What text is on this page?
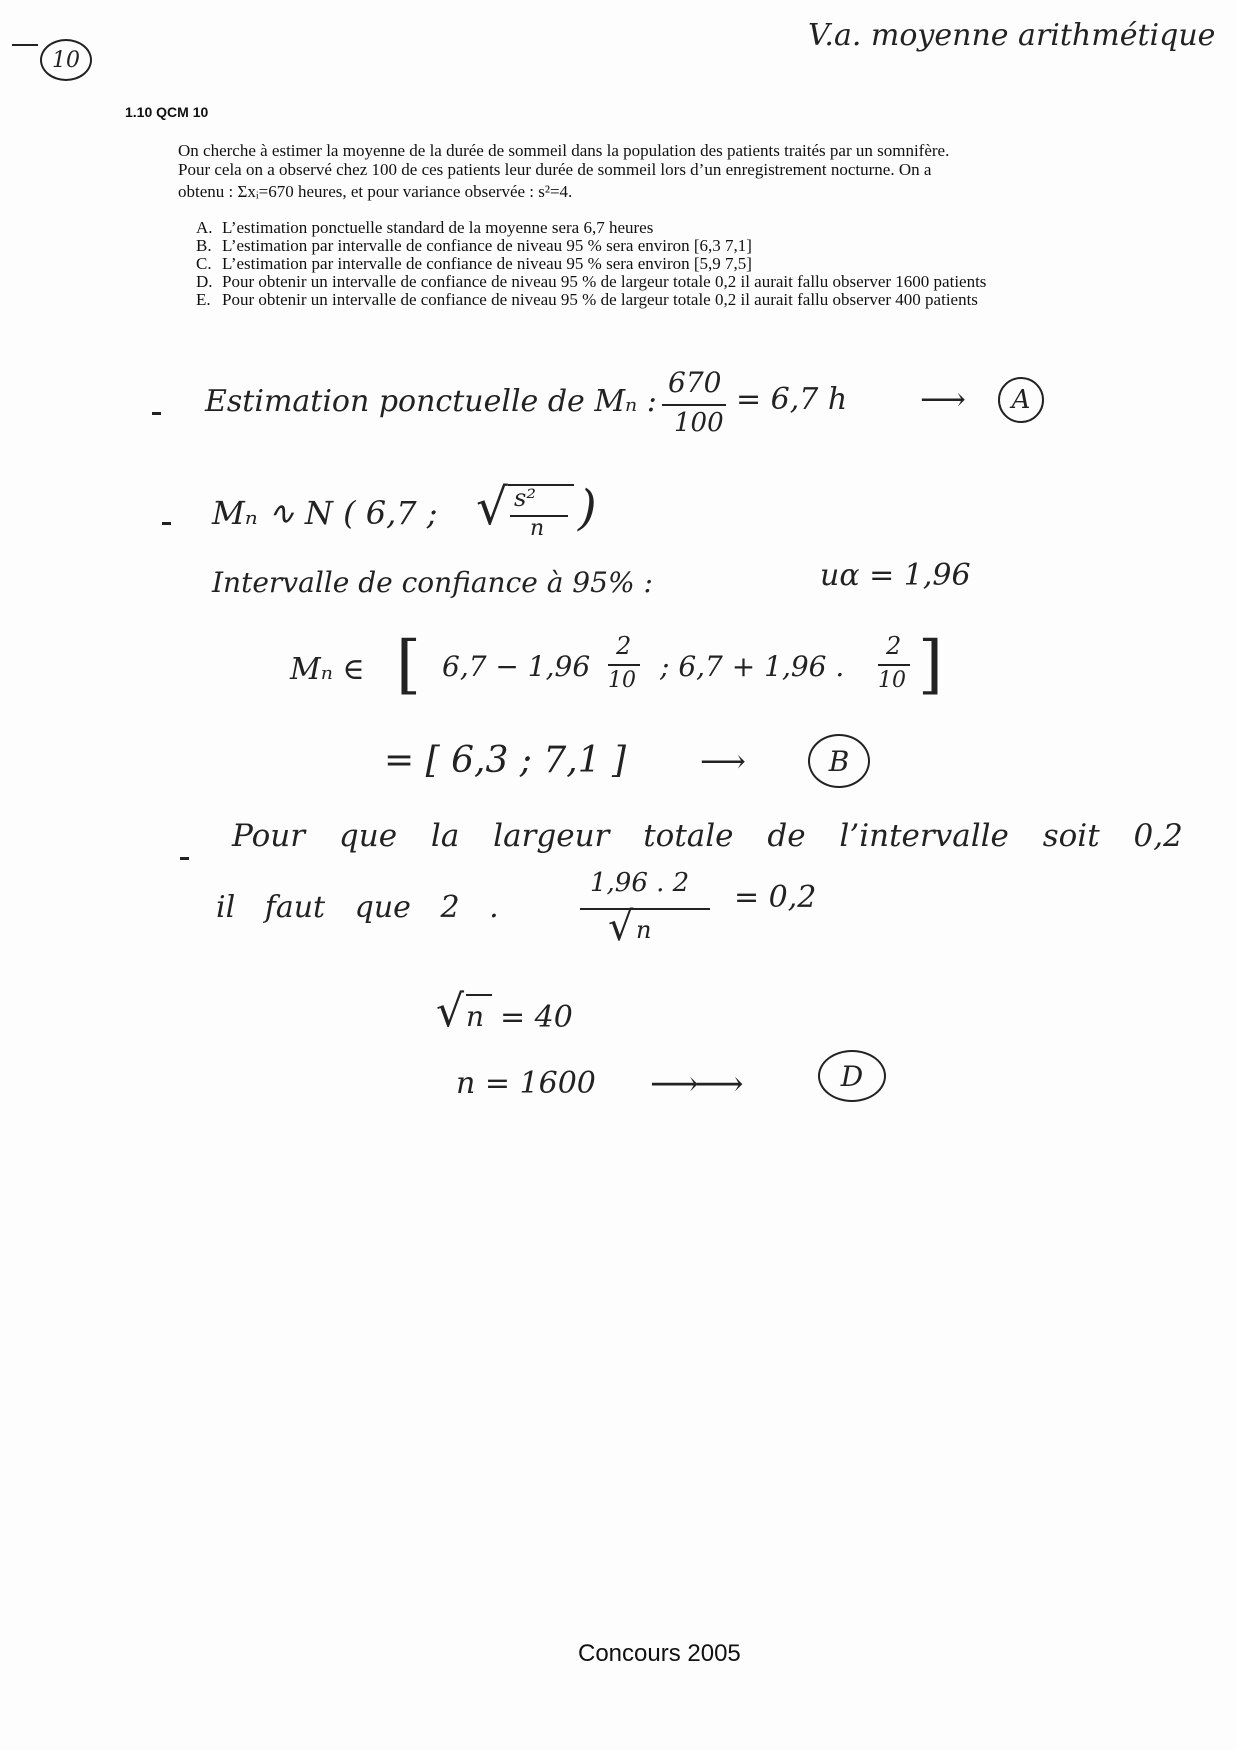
10
V.a. moyenne arithmétique
1.10 QCM 10
On cherche à estimer la moyenne de la durée de sommeil dans la population des patients traités par un somnifère.
Pour cela on a observé chez 100 de ces patients leur durée de sommeil lors d’un enregistrement nocturne. On a
obtenu : Σxᵢ=670 heures, et pour variance observée : s²=4.
A. L’estimation ponctuelle standard de la moyenne sera 6,7 heures
B. L’estimation par intervalle de confiance de niveau 95 % sera environ [6,3 7,1]
C. L’estimation par intervalle de confiance de niveau 95 % sera environ [5,9 7,5]
D. Pour obtenir un intervalle de confiance de niveau 95 % de largeur totale 0,2 il aurait fallu observer 1600 patients
E. Pour obtenir un intervalle de confiance de niveau 95 % de largeur totale 0,2 il aurait fallu observer 400 patients
Estimation ponctuelle de Mₙ :
670
100
= 6,7 h ⟶ A
Mₙ ∿ N ( 6,7 ; √ s²
n )
Intervalle de confiance à 95% :	uα = 1,96
Mₙ ∈ [ 6,7 − 1,96
2
10 ; 6,7 + 1,96 .
2
10 ]
= [ 6,3 ; 7,1 ] ⟶	B
Pour que la largeur totale de l’intervalle soit 0,2
il faut que 2 .
1,96 . 2
√ n
= 0,2
√ n = 40
n = 1600 ⟶⟶	D
Concours 2005
